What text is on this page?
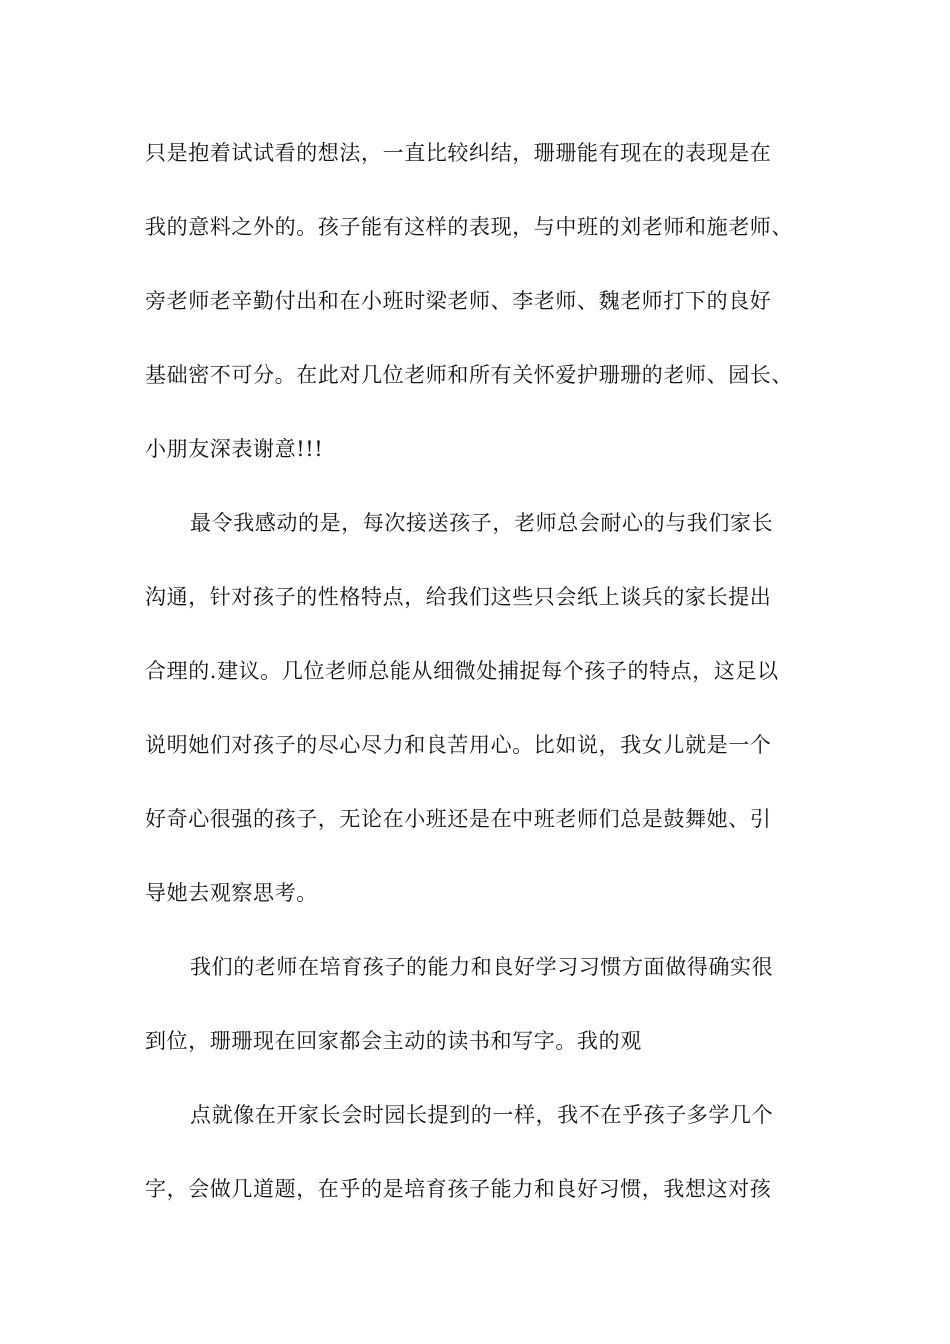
只是抱着试试看的想法，一直比较纠结，珊珊能有现在的表现是在
我的意料之外的。孩子能有这样的表现，与中班的刘老师和施老师、
旁老师老辛勤付出和在小班时梁老师、李老师、魏老师打下的良好
基础密不可分。在此对几位老师和所有关怀爱护珊珊的老师、园长、
小朋友深表谢意!!!
最令我感动的是，每次接送孩子，老师总会耐心的与我们家长
沟通，针对孩子的性格特点，给我们这些只会纸上谈兵的家长提出
合理的.建议。几位老师总能从细微处捕捉每个孩子的特点，这足以
说明她们对孩子的尽心尽力和良苦用心。比如说，我女儿就是一个
好奇心很强的孩子，无论在小班还是在中班老师们总是鼓舞她、引
导她去观察思考。
我们的老师在培育孩子的能力和良好学习习惯方面做得确实很
到位，珊珊现在回家都会主动的读书和写字。我的观
点就像在开家长会时园长提到的一样，我不在乎孩子多学几个
字，会做几道题，在乎的是培育孩子能力和良好习惯，我想这对孩
